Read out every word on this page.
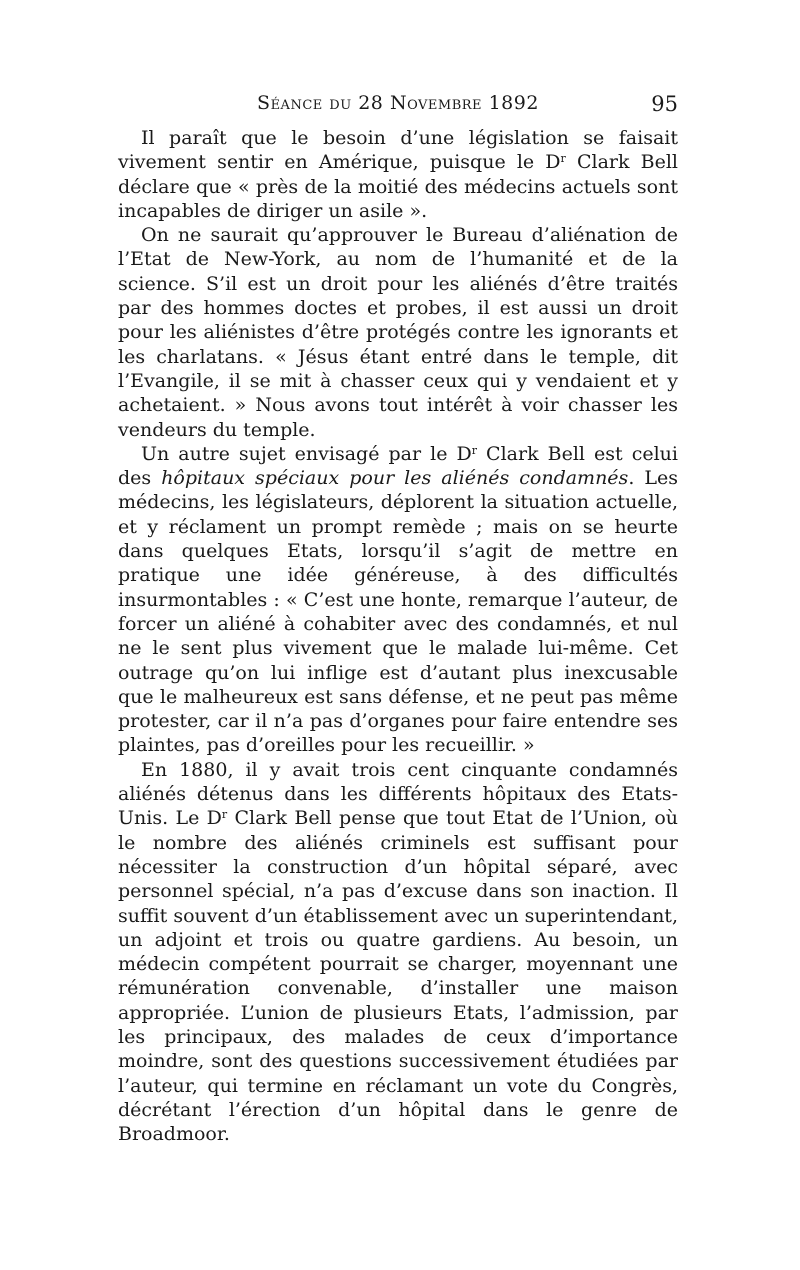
Séance du 28 Novembre 1892	95

Il paraît que le besoin d’une législation se faisait vivement sentir en Amérique, puisque le $D^r$ Clark Bell déclare que « près de la moitié des médecins actuels sont incapables de diriger un asile ».

On ne saurait qu’approuver le Bureau d’aliénation de l’Etat de New-York, au nom de l’humanité et de la science. S’il est un droit pour les aliénés d’être traités par des hommes doctes et probes, il est aussi un droit pour les aliénistes d’être protégés contre les ignorants et les charlatans. « Jésus étant entré dans le temple, dit l’Evangile, il se mit à chasser ceux qui y vendaient et y achetaient. » Nous avons tout intérêt à voir chasser les vendeurs du temple.

Un autre sujet envisagé par le $D^r$ Clark Bell est celui des hôpitaux spéciaux pour les aliénés condamnés. Les médecins, les législateurs, déplorent la situation actuelle, et y réclament un prompt remède ; mais on se heurte dans quelques Etats, lorsqu’il s’agit de mettre en pratique une idée généreuse, à des difficultés insurmontables : « C’est une honte, remarque l’auteur, de forcer un aliéné à cohabiter avec des condamnés, et nul ne le sent plus vivement que le malade lui-même. Cet outrage qu’on lui inflige est d’autant plus inexcusable que le malheureux est sans défense, et ne peut pas même protester, car il n’a pas d’organes pour faire entendre ses plaintes, pas d’oreilles pour les recueillir. »

En 1880, il y avait trois cent cinquante condamnés aliénés détenus dans les différents hôpitaux des Etats-Unis. Le $D^r$ Clark Bell pense que tout Etat de l’Union, où le nombre des aliénés criminels est suffisant pour nécessiter la construction d’un hôpital séparé, avec personnel spécial, n’a pas d’excuse dans son inaction. Il suffit souvent d’un établissement avec un superintendant, un adjoint et trois ou quatre gardiens. Au besoin, un médecin compétent pourrait se charger, moyennant une rémunération convenable, d’installer une maison appropriée. L’union de plusieurs Etats, l’admission, par les principaux, des malades de ceux d’importance moindre, sont des questions successivement étudiées par l’auteur, qui termine en réclamant un vote du Congrès, décrétant l’érection d’un hôpital dans le genre de Broadmoor.
